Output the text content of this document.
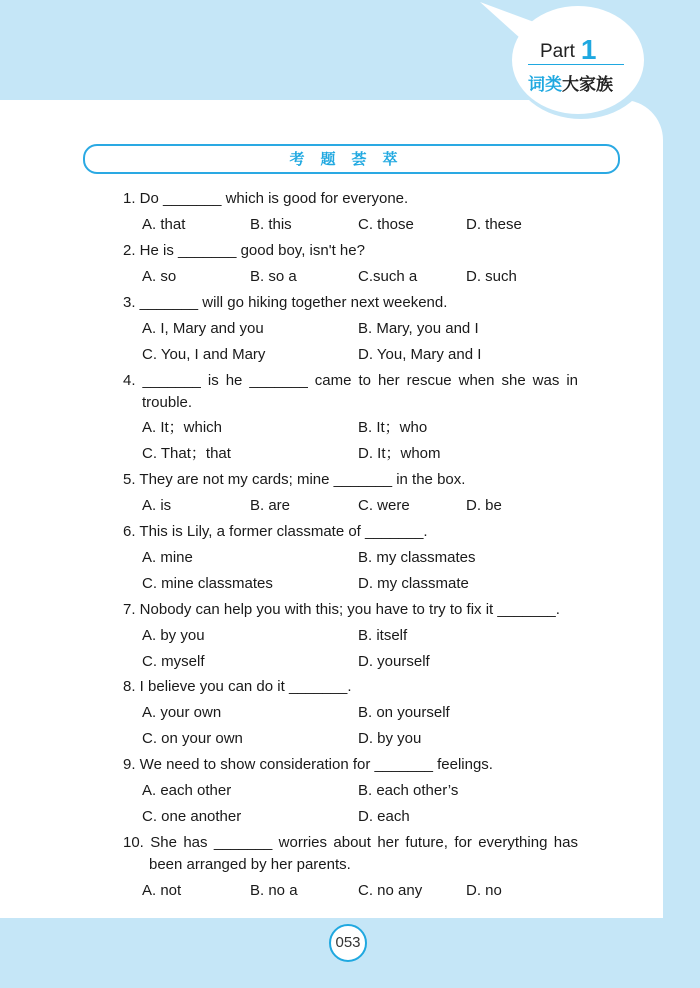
Part 1
词类大家族
考题荟萃
1. Do _______ which is good for everyone.
A. that	B. this	C. those	D. these
2. He is _______ good boy, isn't he?
A. so	B. so a	C.such a	D. such
3. _______ will go hiking together next weekend.
A. I, Mary and you	B. Mary, you and I
C. You, I and Mary	D. You, Mary and I
4. _______ is he _______ came to her rescue when she was in
trouble.
A. It；which	B. It；who
C. That；that	D. It；whom
5. They are not my cards; mine _______ in the box.
A. is	B. are	C. were	D. be
6. This is Lily, a former classmate of _______.
A. mine	B. my classmates
C. mine classmates	D. my classmate
7. Nobody can help you with this; you have to try to fix it _______.
A. by you	B. itself
C. myself	D. yourself
8. I believe you can do it _______.
A. your own	B. on yourself
C. on your own	D. by you
9. We need to show consideration for _______ feelings.
A. each other	B. each other’s
C. one another	D. each
10. She has _______ worries about her future, for everything has
been arranged by her parents.
A. not	B. no a	C. no any	D. no
053
